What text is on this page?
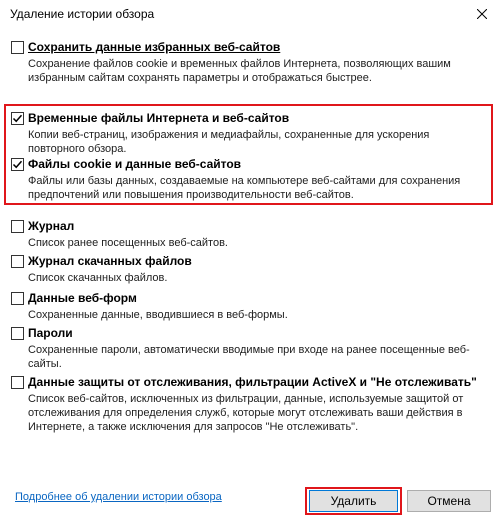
Удаление истории обзора
Сохранить данные избранных веб-сайтов
Сохранение файлов cookie и временных файлов Интернета, позволяющих вашим избранным сайтам сохранять параметры и отображаться быстрее.
Временные файлы Интернета и веб-сайтов
Копии веб-страниц, изображения и медиафайлы, сохраненные для ускорения повторного обзора.
Файлы cookie и данные веб-сайтов
Файлы или базы данных, создаваемые на компьютере веб-сайтами для сохранения предпочтений или повышения производительности веб-сайтов.
Журнал
Список ранее посещенных веб-сайтов.
Журнал скачанных файлов
Список скачанных файлов.
Данные веб-форм
Сохраненные данные, вводившиеся в веб-формы.
Пароли
Сохраненные пароли, автоматически вводимые при входе на ранее посещенные веб-сайты.
Данные защиты от отслеживания, фильтрации ActiveX и "Не отслеживать"
Список веб-сайтов, исключенных из фильтрации, данные, используемые защитой от отслеживания для определения служб, которые могут отслеживать ваши действия в Интернете, а также исключения для запросов "Не отслеживать".
Подробнее об удалении истории обзора	Удалить	Отмена
